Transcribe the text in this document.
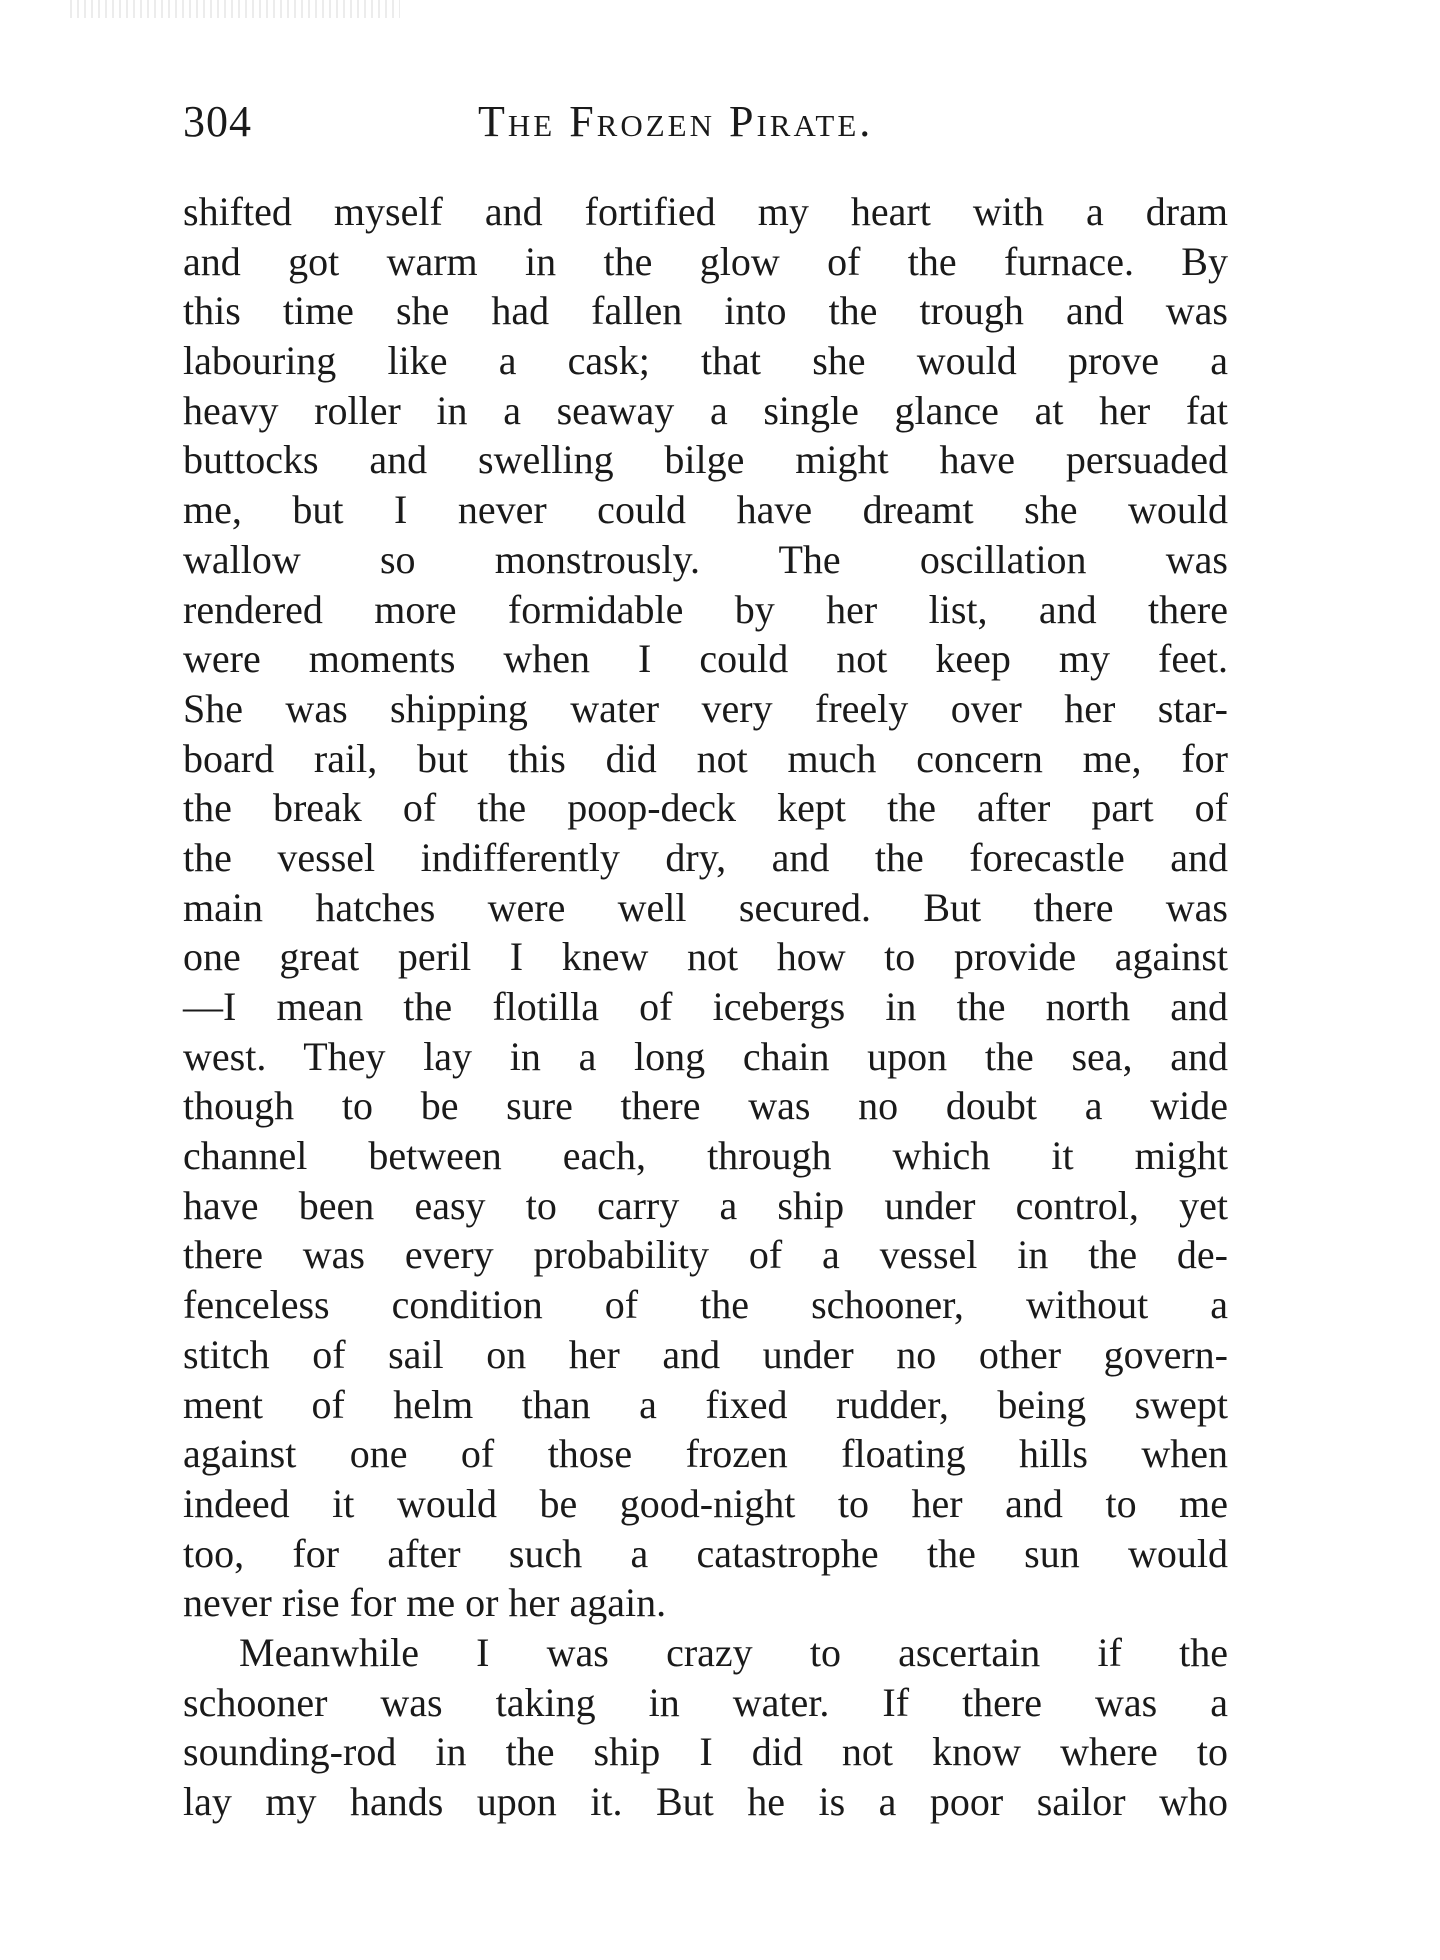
304	The Frozen Pirate.
shifted myself and fortified my heart with a dram
and got warm in the glow of the furnace. By
this time she had fallen into the trough and was
labouring like a cask; that she would prove a
heavy roller in a seaway a single glance at her fat
buttocks and swelling bilge might have persuaded
me, but I never could have dreamt she would
wallow so monstrously. The oscillation was
rendered more formidable by her list, and there
were moments when I could not keep my feet.
She was shipping water very freely over her star-
board rail, but this did not much concern me, for
the break of the poop-deck kept the after part of
the vessel indifferently dry, and the forecastle and
main hatches were well secured. But there was
one great peril I knew not how to provide against
—I mean the flotilla of icebergs in the north and
west. They lay in a long chain upon the sea, and
though to be sure there was no doubt a wide
channel between each, through which it might
have been easy to carry a ship under control, yet
there was every probability of a vessel in the de-
fenceless condition of the schooner, without a
stitch of sail on her and under no other govern-
ment of helm than a fixed rudder, being swept
against one of those frozen floating hills when
indeed it would be good-night to her and to me
too, for after such a catastrophe the sun would
never rise for me or her again.
Meanwhile I was crazy to ascertain if the
schooner was taking in water. If there was a
sounding-rod in the ship I did not know where to
lay my hands upon it. But he is a poor sailor who
